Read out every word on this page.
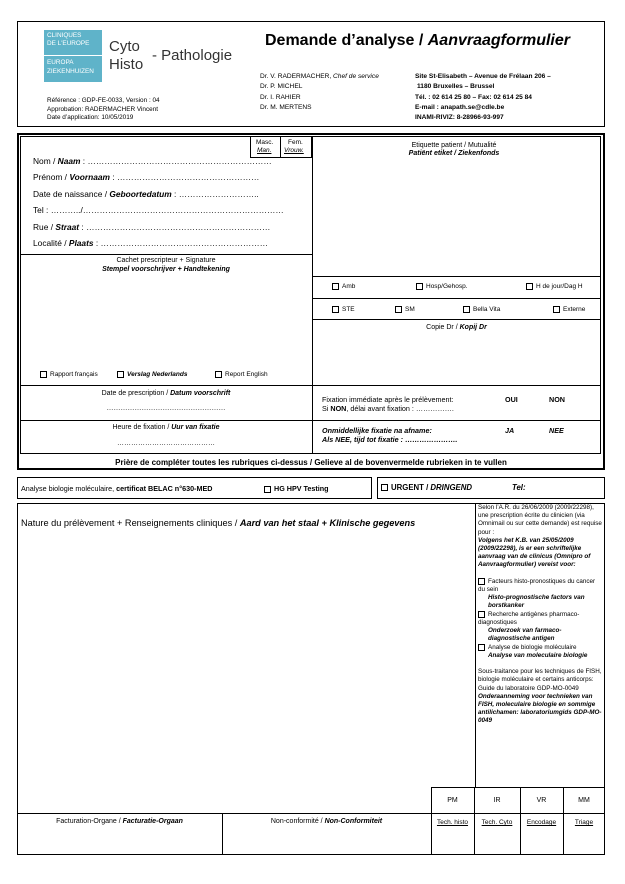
CLINIQUES
DE L'EUROPE
EUROPA
ZIEKENHUIZEN
Cyto
Histo
- Pathologie
Demande d’analyse / Aanvraagformulier
Dr. V. RADERMACHER, Chef de service
Dr. P. MICHEL
Dr. I. RAHIER
Dr. M. MERTENS
Site St-Elisabeth – Avenue de Frélaan 206 –
1180 Bruxelles – Brussel
Tél. : 02 614 25 80 – Fax: 02 614 25 84
E-mail : anapath.se@cdle.be
INAMI-RIVIZ: 8-28966-93-997
Référence : GDP-FE-0033, Version : 04
Approbation: RADERMACHER Vincent
Date d’application: 10/05/2019
Masc.
Man.
Fem.
Vrouw.
Nom / Naam : …………………………………………………………
Prénom / Voornaam : ……………………………………………
Date de naissance / Geboortedatum : ………………………..
Tel : ………../………………………………………………………………
Rue / Straat : …………………………………………………………
Localité / Plaats : ……………………………………………………
Etiquette patient / Mutualité
Patiënt etiket / Ziekenfonds
Cachet prescripteur + Signature
Stempel voorschrijver + Handtekening
Amb	Hosp/Gehosp.	H de jour/Dag H
STE	SM	Bella Vita	Externe
Copie Dr / Kopij Dr
Rapport français	Verslag Nederlands	Report English
Date de prescription / Datum voorschrift
……………………………………………
Fixation immédiate après le prélèvement:
Si NON, délai avant fixation : …………….
OUI	NON
Heure de fixation / Uur van fixatie
……………………………………
Onmiddellijke fixatie na afname:
Als NEE, tijd tot fixatie : ………………….
JA	NEE
Prière de compléter toutes les rubriques ci-dessus / Gelieve al de bovenvermelde rubrieken in te vullen
Analyse biologie moléculaire, certificat BELAC n°630-MED	HG HPV Testing	URGENT / DRINGEND	Tel:
Nature du prélèvement + Renseignements cliniques / Aard van het staal + Klinische gegevens

Selon l’A.R. du 26/06/2009 (2009/22298), une prescription écrite du clinicien (via Omnimail ou sur cette demande) est requise pour :

Volgens het K.B. van 25/05/2009 (2009/22298), is er een schriftelijke aanvraag van de clinicus (Omnipro of Aanvraagformulier) vereist voor:

Facteurs histo-pronostiques du cancer du sein

Histo-prognostische factors van borstkanker

Recherche antigènes pharmaco-diagnostiques

Onderzoek van farmaco-diagnostische antigen

Analyse de biologie moléculaire

Analyse van moleculaire biologie

Sous-traitance pour les techniques de FISH, biologie moléculaire et certains anticorps: Guide du laboratoire GDP-MO-0049

Onderaanneming voor technieken van FISH, moleculaire biologie en sommige antilichamen: laboratoriumgids GDP-MO-0049

PM	IR	VR	MM
Tech. histo	Tech. Cyto	Encodage	Triage
Facturation-Organe / Facturatie-Orgaan	Non-conformité / Non-Conformiteit
